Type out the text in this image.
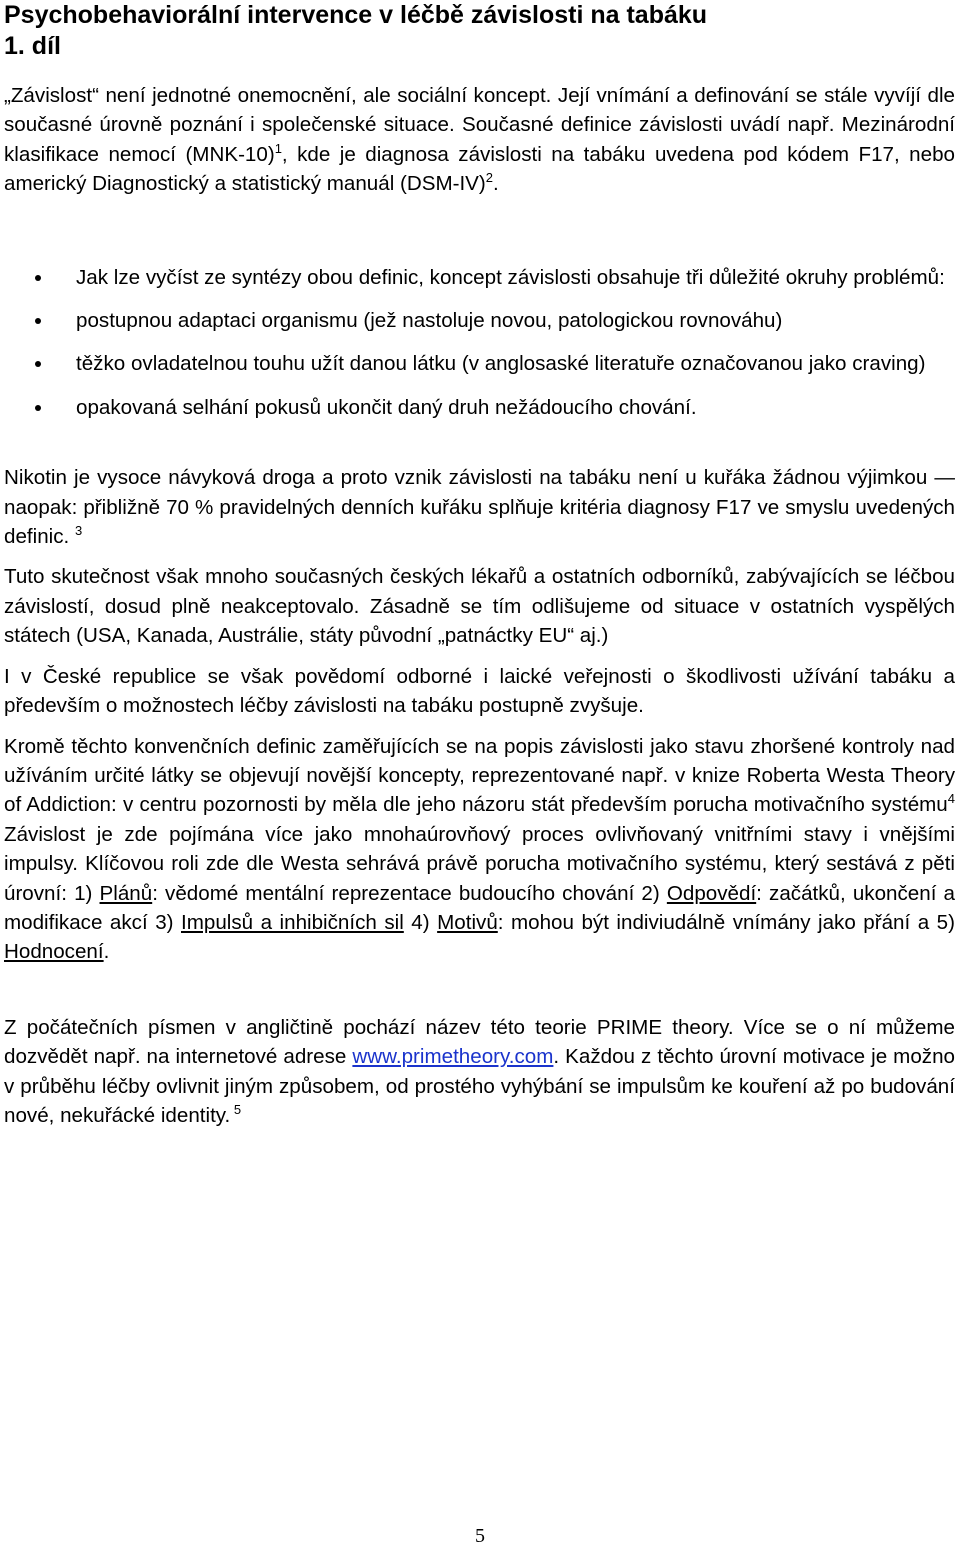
Psychobehaviorální intervence v léčbě závislosti na tabáku
1. díl

„Závislost“ není jednotné onemocnění, ale sociální koncept. Její vnímání a definování se stále vyvíjí dle současné úrovně poznání i společenské situace. Současné definice závislosti uvádí např. Mezinárodní klasifikace nemocí $(MNK-10)^1$, kde je diagnosa závislosti na tabáku uvedena pod kódem F17, nebo americký Diagnostický a statistický manuál $(DSM-IV)^2$.

Jak lze vyčíst ze syntézy obou definic, koncept závislosti obsahuje tři důležité okruhy problémů:
postupnou adaptaci organismu (jež nastoluje novou, patologickou rovnováhu)
těžko ovladatelnou touhu užít danou látku (v anglosaské literatuře označovanou jako craving)
opakovaná selhání pokusů ukončit daný druh nežádoucího chování.

Nikotin je vysoce návyková droga a proto vznik závislosti na tabáku není u kuřáka žádnou výjimkou — naopak: přibližně 70 % pravidelných denních kuřáku splňuje kritéria diagnosy F17 ve smyslu uvedených definic. $^3$

Tuto skutečnost však mnoho současných českých lékařů a ostatních odborníků, zabývajících se léčbou závislostí, dosud plně neakceptovalo. Zásadně se tím odlišujeme od situace v ostatních vyspělých státech (USA, Kanada, Austrálie, státy původní „patnáctky EU“ aj.)

I v České republice se však povědomí odborné i laické veřejnosti o škodlivosti užívání tabáku a především o možnostech léčby závislosti na tabáku postupně zvyšuje.

Kromě těchto konvenčních definic zaměřujících se na popis závislosti jako stavu zhoršené kontroly nad užíváním určité látky se objevují novější koncepty, reprezentované např. v knize Roberta Westa Theory of Addiction: v centru pozornosti by měla dle jeho názoru stát především porucha motivačního systému$^4$ Závislost je zde pojímána více jako mnohaúrovňový proces ovlivňovaný vnitřními stavy i vnějšími impulsy. Klíčovou roli zde dle Westa sehrává právě porucha motivačního systému, který sestává z pěti úrovní: 1) Plánů: vědomé mentální reprezentace budoucího chování 2) Odpovědí: začátků, ukončení a modifikace akcí 3) Impulsů a inhibičních sil 4) Motivů: mohou být indiviudálně vnímány jako přání a 5) Hodnocení.

Z počátečních písmen v angličtině pochází název této teorie PRIME theory. Více se o ní můžeme dozvědět např. na internetové adrese www.primetheory.com. Každou z těchto úrovní motivace je možno v průběhu léčby ovlivnit jiným způsobem, od prostého vyhýbání se impulsům ke kouření až po budování nové, nekuřácké identity. $^5$

5
